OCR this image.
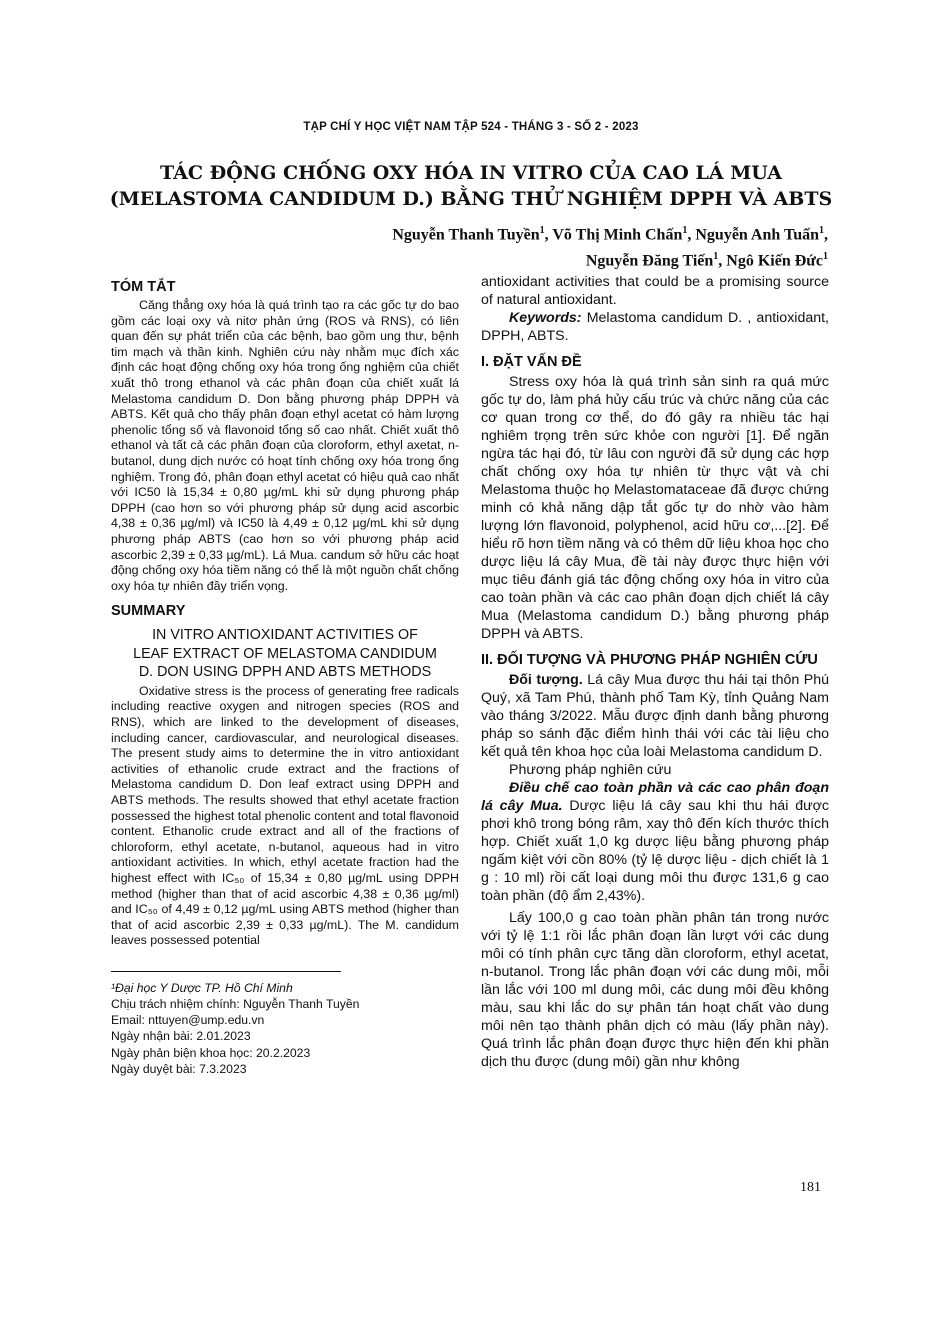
TẠP CHÍ Y HỌC VIỆT NAM TẬP 524 - THÁNG 3 - SỐ 2 - 2023
TÁC ĐỘNG CHỐNG OXY HÓA IN VITRO CỦA CAO LÁ MUA
(MELASTOMA CANDIDUM D.) BẰNG THỬ NGHIỆM DPPH VÀ ABTS
Nguyễn Thanh Tuyền$^1$, Võ Thị Minh Chấn$^1$, Nguyễn Anh Tuấn$^1$,
Nguyễn Đăng Tiến$^1$, Ngô Kiến Đức$^1$
TÓM TẮT
Căng thẳng oxy hóa là quá trình tạo ra các gốc tự do bao gồm các loại oxy và nitơ phản ứng (ROS và RNS), có liên quan đến sự phát triển của các bệnh, bao gồm ung thư, bệnh tim mạch và thần kinh. Nghiên cứu này nhằm mục đích xác định các hoạt động chống oxy hóa trong ống nghiệm của chiết xuất thô trong ethanol và các phân đoạn của chiết xuất lá Melastoma candidum D. Don bằng phương pháp DPPH và ABTS. Kết quả cho thấy phân đoạn ethyl acetat có hàm lượng phenolic tổng số và flavonoid tổng số cao nhất. Chiết xuất thô ethanol và tất cả các phân đoạn của cloroform, ethyl axetat, n-butanol, dung dịch nước có hoạt tính chống oxy hóa trong ống nghiệm. Trong đó, phân đoạn ethyl acetat có hiệu quả cao nhất với IC50 là 15,34 ± 0,80 µg/mL khi sử dụng phương pháp DPPH (cao hơn so với phương pháp sử dụng acid ascorbic 4,38 ± 0,36 µg/ml) và IC50 là 4,49 ± 0,12 µg/mL khi sử dụng phương pháp ABTS (cao hơn so với phương pháp acid ascorbic 2,39 ± 0,33 µg/mL). Lá Mua. candum sở hữu các hoạt động chống oxy hóa tiềm năng có thể là một nguồn chất chống oxy hóa tự nhiên đầy triển vọng.
SUMMARY
IN VITRO ANTIOXIDANT ACTIVITIES OF
LEAF EXTRACT OF MELASTOMA CANDIDUM
D. DON USING DPPH AND ABTS METHODS
Oxidative stress is the process of generating free radicals including reactive oxygen and nitrogen species (ROS and RNS), which are linked to the development of diseases, including cancer, cardiovascular, and neurological diseases. The present study aims to determine the in vitro antioxidant activities of ethanolic crude extract and the fractions of Melastoma candidum D. Don leaf extract using DPPH and ABTS methods. The results showed that ethyl acetate fraction possessed the highest total phenolic content and total flavonoid content. Ethanolic crude extract and all of the fractions of chloroform, ethyl acetate, n-butanol, aqueous had in vitro antioxidant activities. In which, ethyl acetate fraction had the highest effect with IC₅₀ of 15,34 ± 0,80 µg/mL using DPPH method (higher than that of acid ascorbic 4,38 ± 0,36 µg/ml) and IC₅₀ of 4,49 ± 0,12 µg/mL using ABTS method (higher than that of acid ascorbic 2,39 ± 0,33 µg/mL). The M. candidum leaves possessed potential
¹Đại học Y Dược TP. Hồ Chí Minh
Chịu trách nhiệm chính: Nguyễn Thanh Tuyền
Email: nttuyen@ump.edu.vn
Ngày nhận bài: 2.01.2023
Ngày phản biện khoa học: 20.2.2023
Ngày duyệt bài: 7.3.2023
antioxidant activities that could be a promising source of natural antioxidant.
Keywords: Melastoma candidum D. , antioxidant, DPPH, ABTS.
I. ĐẶT VẤN ĐỀ
Stress oxy hóa là quá trình sản sinh ra quá mức gốc tự do, làm phá hủy cấu trúc và chức năng của các cơ quan trong cơ thể, do đó gây ra nhiều tác hại nghiêm trọng trên sức khỏe con người [1]. Để ngăn ngừa tác hại đó, từ lâu con người đã sử dụng các hợp chất chống oxy hóa tự nhiên từ thực vật và chi Melastoma thuộc họ Melastomataceae đã được chứng minh có khả năng dập tắt gốc tự do nhờ vào hàm lượng lớn flavonoid, polyphenol, acid hữu cơ,...[2]. Để hiểu rõ hơn tiềm năng và có thêm dữ liệu khoa học cho dược liệu lá cây Mua, đề tài này được thực hiện với mục tiêu đánh giá tác động chống oxy hóa in vitro của cao toàn phần và các cao phân đoạn dịch chiết lá cây Mua (Melastoma candidum D.) bằng phương pháp DPPH và ABTS.
II. ĐỐI TƯỢNG VÀ PHƯƠNG PHÁP NGHIÊN CỨU
Đối tượng. Lá cây Mua được thu hái tại thôn Phú Quý, xã Tam Phú, thành phố Tam Kỳ, tỉnh Quảng Nam vào tháng 3/2022. Mẫu được định danh bằng phương pháp so sánh đặc điểm hình thái với các tài liệu cho kết quả tên khoa học của loài Melastoma candidum D.
Phương pháp nghiên cứu
Điều chế cao toàn phần và các cao phân đoạn lá cây Mua. Dược liệu lá cây sau khi thu hái được phơi khô trong bóng râm, xay thô đến kích thước thích hợp. Chiết xuất 1,0 kg dược liệu bằng phương pháp ngấm kiệt với cồn 80% (tỷ lệ dược liệu - dịch chiết là 1 g : 10 ml) rồi cất loại dung môi thu được 131,6 g cao toàn phần (độ ẩm 2,43%).
Lấy 100,0 g cao toàn phần phân tán trong nước với tỷ lệ 1:1 rồi lắc phân đoạn lần lượt với các dung môi có tính phân cực tăng dần cloroform, ethyl acetat, n-butanol. Trong lắc phân đoạn với các dung môi, mỗi lần lắc với 100 ml dung môi, các dung môi đều không màu, sau khi lắc do sự phân tán hoạt chất vào dung môi nên tạo thành phân dịch có màu (lấy phần này). Quá trình lắc phân đoạn được thực hiện đến khi phần dịch thu được (dung môi) gần như không
181
